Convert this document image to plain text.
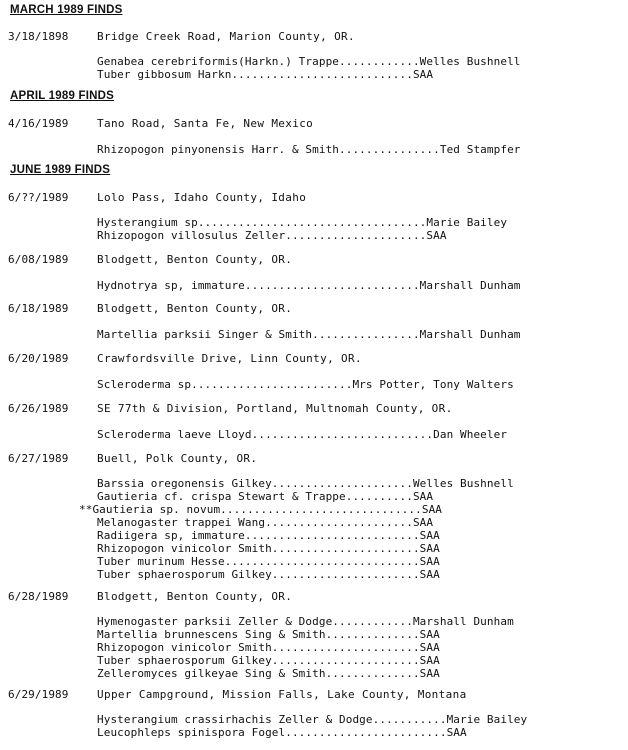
MARCH 1989 FINDS
3/18/1898	Bridge Creek Road, Marion County, OR.
Genabea cerebriformis(Harkn.) Trappe............Welles Bushnell
Tuber gibbosum Harkn...........................SAA
APRIL 1989 FINDS
4/16/1989	Tano Road, Santa Fe, New Mexico
Rhizopogon pinyonensis Harr. & Smith...............Ted Stampfer
JUNE 1989 FINDS
6/??/1989	Lolo Pass, Idaho County, Idaho
Hysterangium sp..................................Marie Bailey
Rhizopogon villosulus Zeller.....................SAA
6/08/1989	Blodgett, Benton County, OR.
Hydnotrya sp, immature..........................Marshall Dunham
6/18/1989	Blodgett, Benton County, OR.
Martellia parksii Singer & Smith................Marshall Dunham
6/20/1989	Crawfordsville Drive, Linn County, OR.
Scleroderma sp........................Mrs Potter, Tony Walters
6/26/1989	SE 77th & Division, Portland, Multnomah County, OR.
Scleroderma laeve Lloyd...........................Dan Wheeler
6/27/1989	Buell, Polk County, OR.
Barssia oregonensis Gilkey.....................Welles Bushnell
Gautieria cf. crispa Stewart & Trappe..........SAA
**Gautieria sp. novum..............................SAA
Melanogaster trappei Wang......................SAA
Radiigera sp, immature..........................SAA
Rhizopogon vinicolor Smith......................SAA
Tuber murinum Hesse.............................SAA
Tuber sphaerosporum Gilkey......................SAA
6/28/1989	Blodgett, Benton County, OR.
Hymenogaster parksii Zeller & Dodge............Marshall Dunham
Martellia brunnescens Sing & Smith..............SAA
Rhizopogon vinicolor Smith......................SAA
Tuber sphaerosporum Gilkey......................SAA
Zelleromyces gilkeyae Sing & Smith..............SAA
6/29/1989	Upper Campground, Mission Falls, Lake County, Montana
Hysterangium crassirhachis Zeller & Dodge...........Marie Bailey
Leucophleps spinispora Fogel........................SAA
